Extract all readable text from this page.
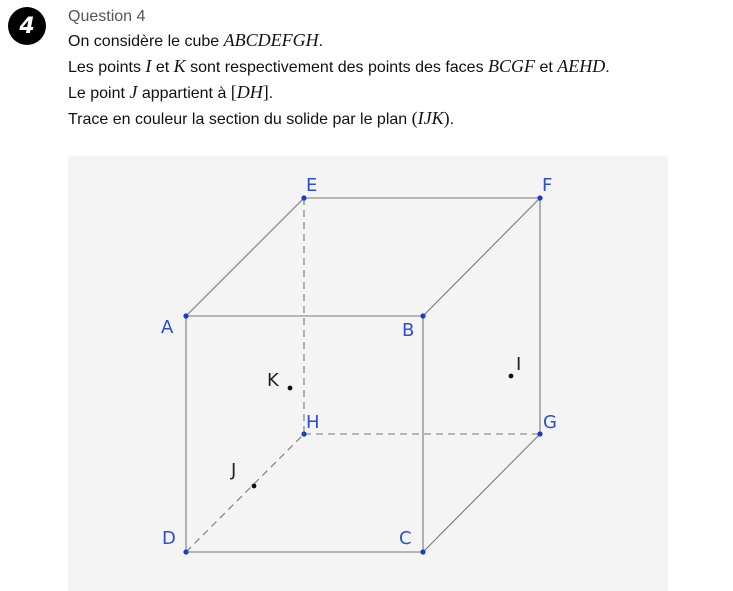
4	Question 4
On considère le cube ABCDEFGH.
Les points I et K sont respectivement des points des faces BCGF et AEHD.
Le point J appartient à [DH].
Trace en couleur la section du solide par le plan (IJK).
A	B
C
D
E	F
G
H
K
J
I
